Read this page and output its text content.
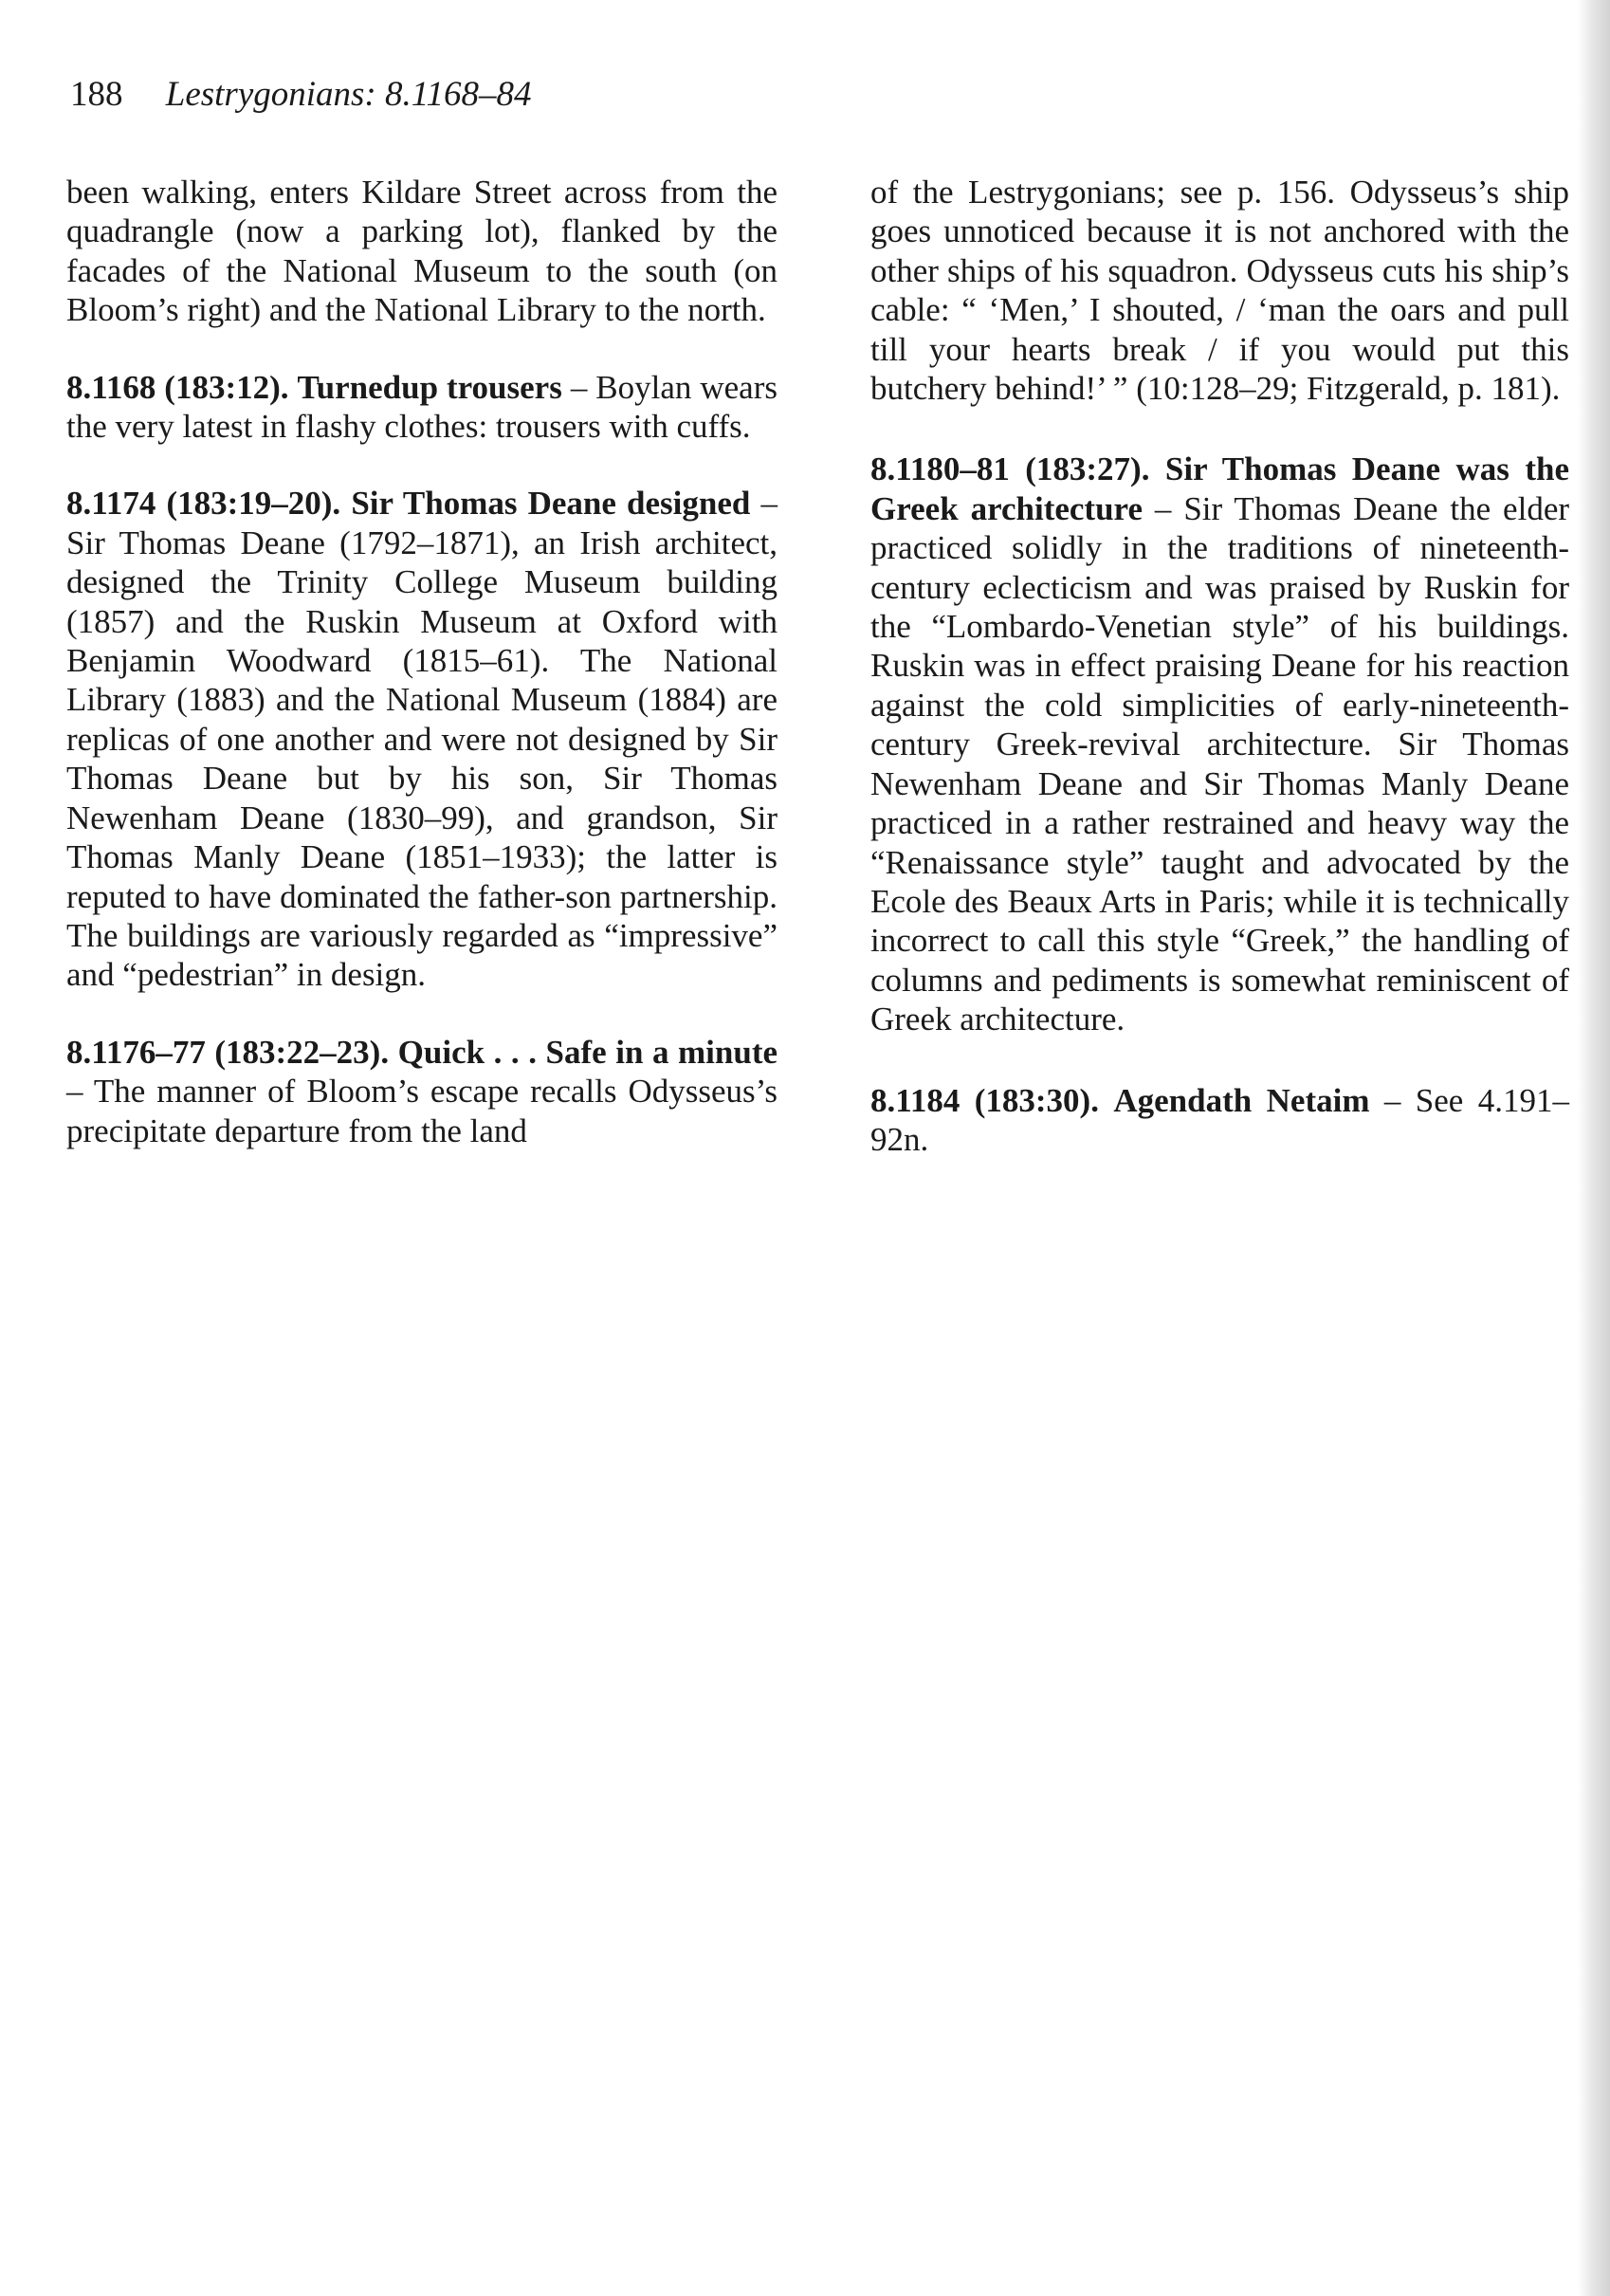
188 Lestrygonians: 8.1168–84

been walking, enters Kildare Street across from the quadrangle (now a parking lot), flanked by the facades of the National Museum to the south (on Bloom’s right) and the National Library to the north.

8.1168 (183:12). Turnedup trousers – Boylan wears the very latest in flashy clothes: trousers with cuffs.

8.1174 (183:19–20). Sir Thomas Deane designed – Sir Thomas Deane (1792–1871), an Irish architect, designed the Trinity College Museum building (1857) and the Ruskin Museum at Oxford with Benjamin Woodward (1815–61). The National Library (1883) and the National Museum (1884) are replicas of one another and were not designed by Sir Thomas Deane but by his son, Sir Thomas Newenham Deane (1830–99), and grandson, Sir Thomas Manly Deane (1851–1933); the latter is reputed to have dominated the father-son partnership. The buildings are variously regarded as “impressive” and “pedestrian” in design.

8.1176–77 (183:22–23). Quick . . . Safe in a minute – The manner of Bloom’s escape recalls Odysseus’s precipitate departure from the land

of the Lestrygonians; see p. 156. Odysseus’s ship goes unnoticed because it is not anchored with the other ships of his squadron. Odysseus cuts his ship’s cable: “ ‘Men,’ I shouted, / ‘man the oars and pull till your hearts break / if you would put this butchery behind!’ ” (10:128–29; Fitzgerald, p. 181).

8.1180–81 (183:27). Sir Thomas Deane was the Greek architecture – Sir Thomas Deane the elder practiced solidly in the traditions of nineteenth-century eclecticism and was praised by Ruskin for the “Lombardo-Venetian style” of his buildings. Ruskin was in effect praising Deane for his reaction against the cold simplicities of early-nineteenth-century Greek-revival architecture. Sir Thomas Newenham Deane and Sir Thomas Manly Deane practiced in a rather restrained and heavy way the “Renaissance style” taught and advocated by the Ecole des Beaux Arts in Paris; while it is technically incorrect to call this style “Greek,” the handling of columns and pediments is somewhat reminiscent of Greek architecture.

8.1184 (183:30). Agendath Netaim – See 4.191–92n.
